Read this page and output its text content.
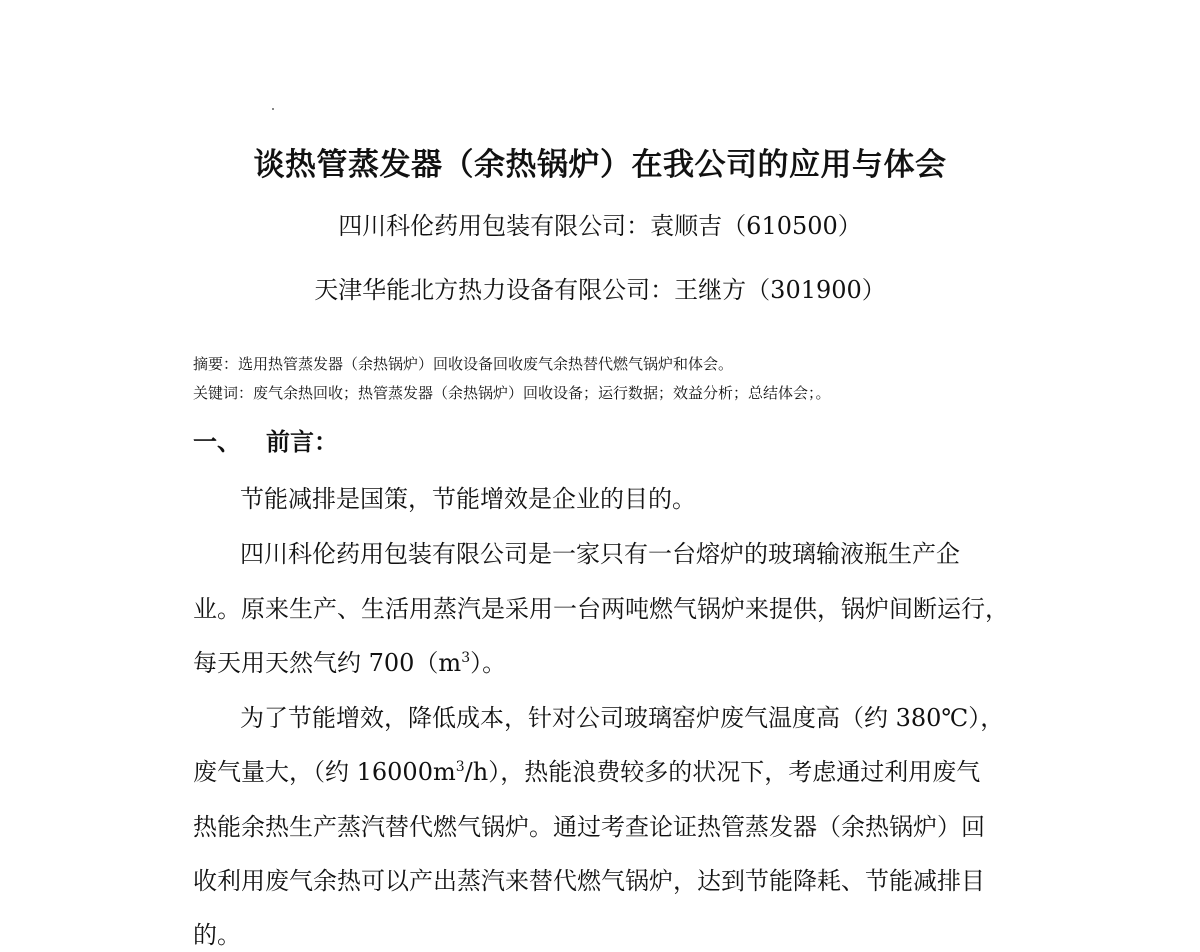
谈热管蒸发器（余热锅炉）在我公司的应用与体会
四川科伦药用包装有限公司：袁顺吉（610500）
天津华能北方热力设备有限公司：王继方（301900）
摘要：选用热管蒸发器（余热锅炉）回收设备回收废气余热替代燃气锅炉和体会。
关键词：废气余热回收；热管蒸发器（余热锅炉）回收设备；运行数据；效益分析；总结体会；。
一、 前言：
节能减排是国策，节能增效是企业的目的。
四川科伦药用包装有限公司是一家只有一台熔炉的玻璃输液瓶生产企
业。原来生产、生活用蒸汽是采用一台两吨燃气锅炉来提供，锅炉间断运行，
每天用天然气约 $700(m^3)$。
为了节能增效，降低成本，针对公司玻璃窑炉废气温度高（约 380℃），
废气量大，（约 $16000m^3/h$），热能浪费较多的状况下，考虑通过利用废气
热能余热生产蒸汽替代燃气锅炉。通过考查论证热管蒸发器（余热锅炉）回
收利用废气余热可以产出蒸汽来替代燃气锅炉，达到节能降耗、节能减排目
的。
